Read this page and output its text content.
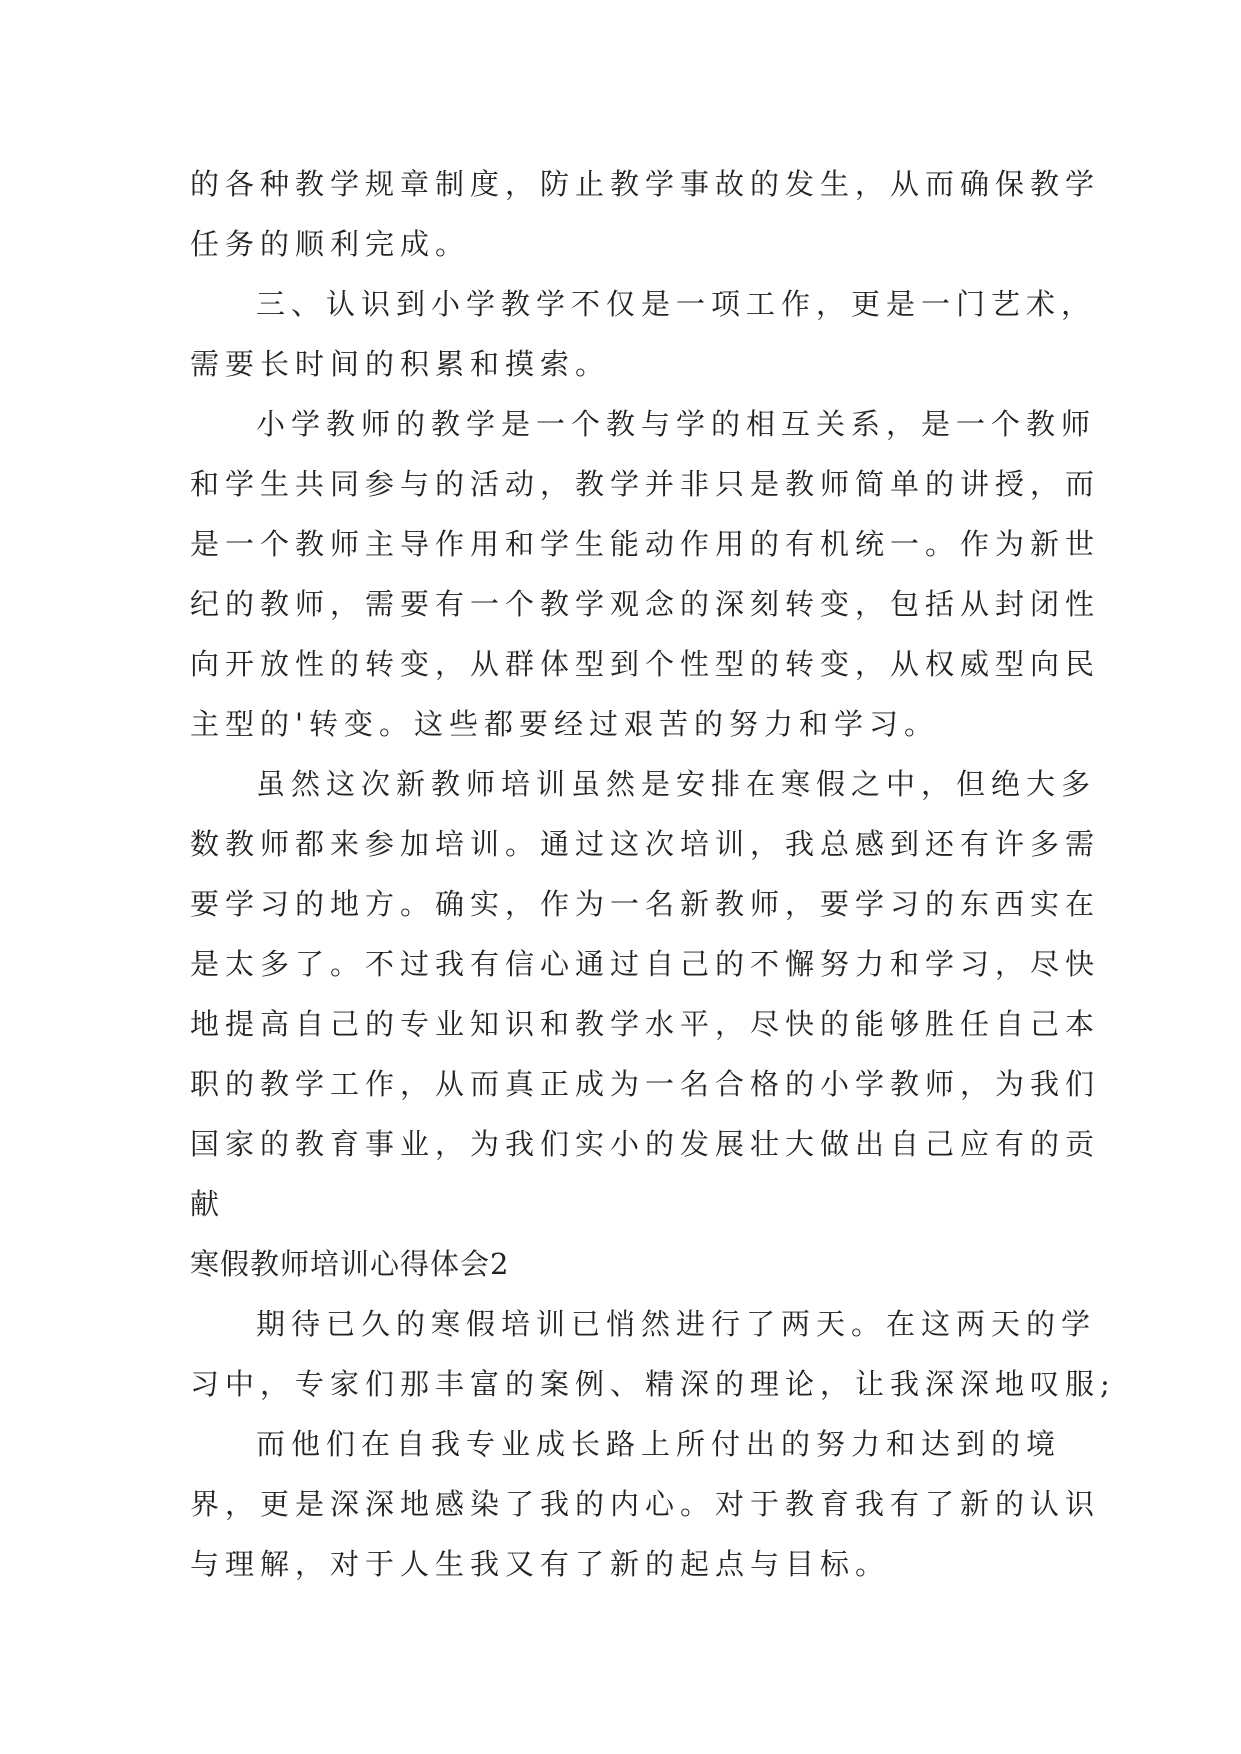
的各种教学规章制度，防止教学事故的发生，从而确保教学
任务的顺利完成。
三、认识到小学教学不仅是一项工作，更是一门艺术，
需要长时间的积累和摸索。
小学教师的教学是一个教与学的相互关系，是一个教师
和学生共同参与的活动，教学并非只是教师简单的讲授，而
是一个教师主导作用和学生能动作用的有机统一。作为新世
纪的教师，需要有一个教学观念的深刻转变，包括从封闭性
向开放性的转变，从群体型到个性型的转变，从权威型向民
主型的'转变。这些都要经过艰苦的努力和学习。
虽然这次新教师培训虽然是安排在寒假之中，但绝大多
数教师都来参加培训。通过这次培训，我总感到还有许多需
要学习的地方。确实，作为一名新教师，要学习的东西实在
是太多了。不过我有信心通过自己的不懈努力和学习，尽快
地提高自己的专业知识和教学水平，尽快的能够胜任自己本
职的教学工作，从而真正成为一名合格的小学教师，为我们
国家的教育事业，为我们实小的发展壮大做出自己应有的贡
献
寒假教师培训心得体会2
期待已久的寒假培训已悄然进行了两天。在这两天的学
习中，专家们那丰富的案例、精深的理论，让我深深地叹服;
而他们在自我专业成长路上所付出的努力和达到的境
界，更是深深地感染了我的内心。对于教育我有了新的认识
与理解，对于人生我又有了新的起点与目标。
